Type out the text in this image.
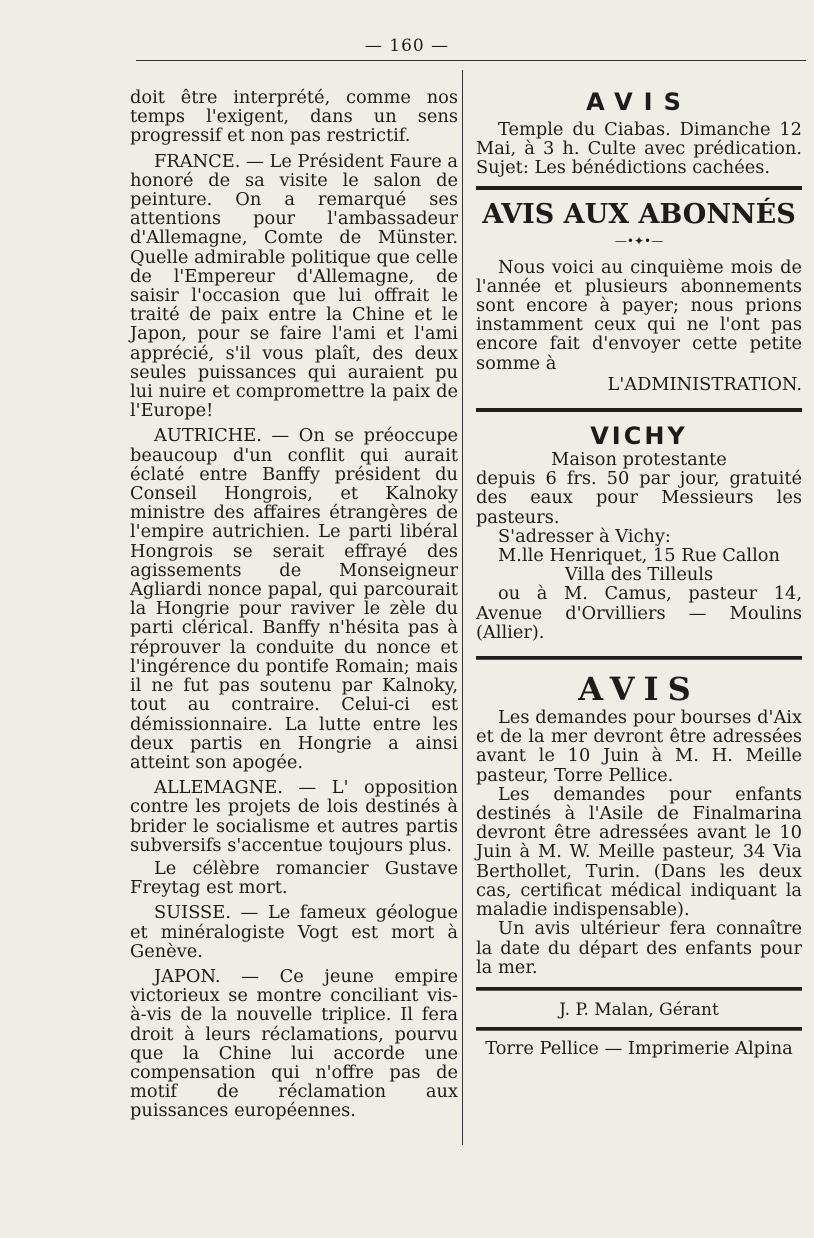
— 160 —

doit être interprété, comme nos temps l'exigent, dans un sens progressif et non pas restrictif.

FRANCE. — Le Président Faure a honoré de sa visite le salon de peinture. On a remarqué ses attentions pour l'ambassadeur d'Allemagne, Comte de Münster. Quelle admirable politique que celle de l'Empereur d'Allemagne, de saisir l'occasion que lui offrait le traité de paix entre la Chine et le Japon, pour se faire l'ami et l'ami apprécié, s'il vous plaît, des deux seules puissances qui auraient pu lui nuire et compromettre la paix de l'Europe!

AUTRICHE. — On se préoccupe beaucoup d'un conflit qui aurait éclaté entre Banffy président du Conseil Hongrois, et Kalnoky ministre des affaires étrangères de l'empire autrichien. Le parti libéral Hongrois se serait effrayé des agissements de Monseigneur Agliardi nonce papal, qui parcourait la Hongrie pour raviver le zèle du parti clérical. Banffy n'hésita pas à réprouver la conduite du nonce et l'ingérence du pontife Romain; mais il ne fut pas soutenu par Kalnoky, tout au contraire. Celui-ci est démissionnaire. La lutte entre les deux partis en Hongrie a ainsi atteint son apogée.

ALLEMAGNE. — L' opposition contre les projets de lois destinés à brider le socialisme et autres partis subversifs s'accentue toujours plus.

Le célèbre romancier Gustave Freytag est mort.

SUISSE. — Le fameux géologue et minéralogiste Vogt est mort à Genève.

JAPON. — Ce jeune empire victorieux se montre conciliant vis-à-vis de la nouvelle triplice. Il fera droit à leurs réclamations, pourvu que la Chine lui accorde une compensation qui n'offre pas de motif de réclamation aux puissances européennes.

AVIS

Temple du Ciabas. Dimanche 12 Mai, à 3 h. Culte avec prédication. Sujet: Les bénédictions cachées.

AVIS AUX ABONNÉS
—•✦•—

Nous voici au cinquième mois de l'année et plusieurs abonnements sont encore à payer; nous prions instamment ceux qui ne l'ont pas encore fait d'envoyer cette petite somme à

L'ADMINISTRATION.

VICHY

Maison protestante

depuis 6 frs. 50 par jour, gratuité des eaux pour Messieurs les pasteurs.

S'adresser à Vichy:

M.lle Henriquet, 15 Rue Callon

Villa des Tilleuls

ou à M. Camus, pasteur 14, Avenue d'Orvilliers — Moulins (Allier).

AVIS

Les demandes pour bourses d'Aix et de la mer devront être adressées avant le 10 Juin à M. H. Meille pasteur, Torre Pellice.

Les demandes pour enfants destinés à l'Asile de Finalmarina devront être adressées avant le 10 Juin à M. W. Meille pasteur, 34 Via Berthollet, Turin. (Dans les deux cas, certificat médical indiquant la maladie indispensable).

Un avis ultérieur fera connaître la date du départ des enfants pour la mer.

J. P. Malan, Gérant

Torre Pellice — Imprimerie Alpina
